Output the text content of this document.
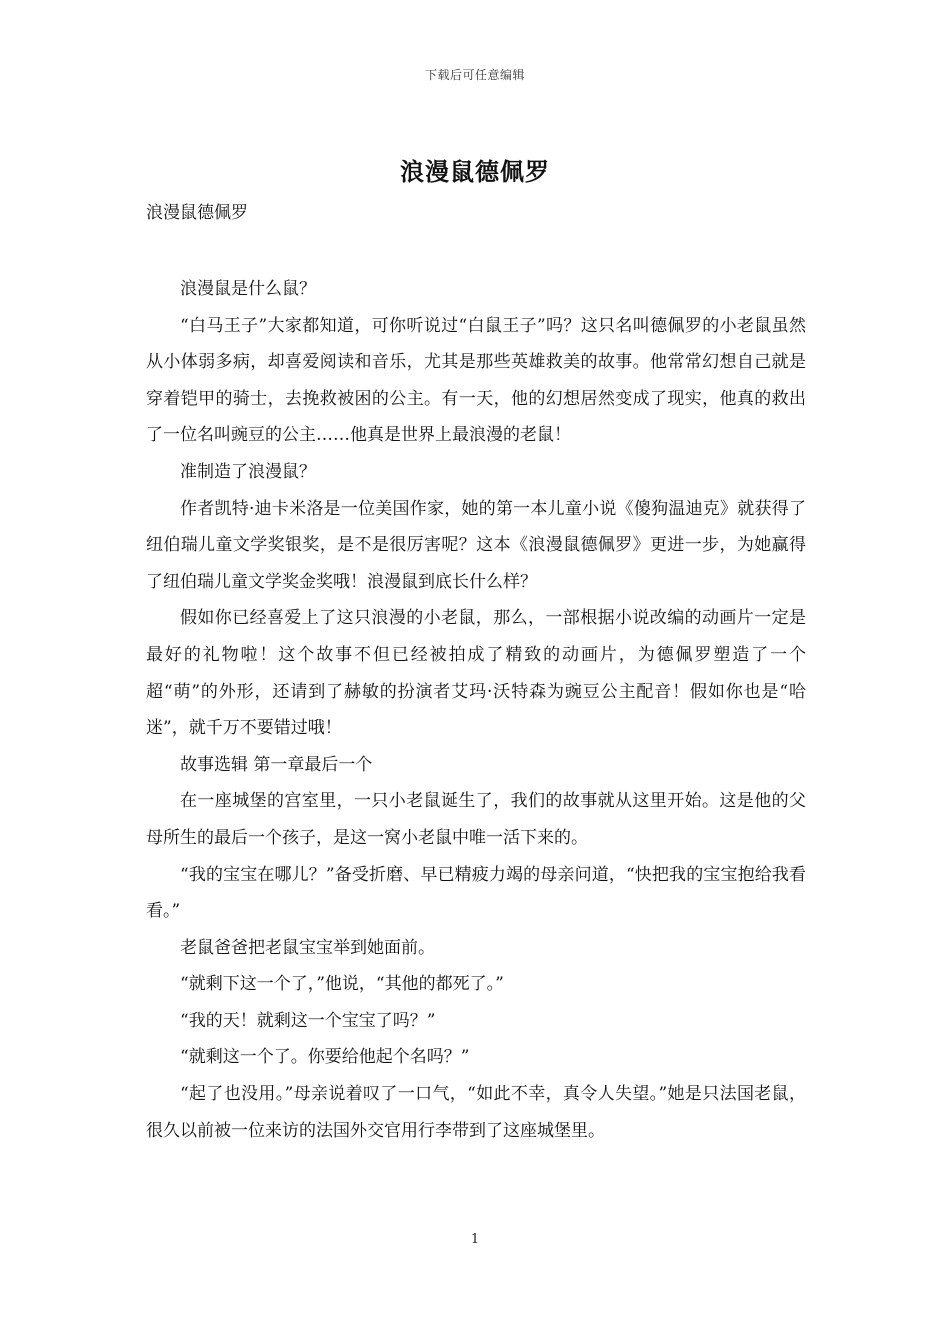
下载后可任意编辑
浪漫鼠德佩罗

浪漫鼠德佩罗

浪漫鼠是什么鼠？

“白马王子”大家都知道，可你听说过“白鼠王子”吗？这只名叫德佩罗的小老鼠虽然从小体弱多病，却喜爱阅读和音乐，尤其是那些英雄救美的故事。他常常幻想自己就是穿着铠甲的骑士，去挽救被困的公主。有一天，他的幻想居然变成了现实，他真的救出了一位名叫豌豆的公主……他真是世界上最浪漫的老鼠！

准制造了浪漫鼠？

作者凯特·迪卡米洛是一位美国作家，她的第一本儿童小说《傻狗温迪克》就获得了纽伯瑞儿童文学奖银奖，是不是很厉害呢？这本《浪漫鼠德佩罗》更进一步，为她赢得了纽伯瑞儿童文学奖金奖哦！浪漫鼠到底长什么样？

假如你已经喜爱上了这只浪漫的小老鼠，那么，一部根据小说改编的动画片一定是最好的礼物啦！这个故事不但已经被拍成了精致的动画片，为德佩罗塑造了一个超“萌”的外形，还请到了赫敏的扮演者艾玛·沃特森为豌豆公主配音！假如你也是“哈迷”，就千万不要错过哦！

故事选辑 第一章最后一个

在一座城堡的宫室里，一只小老鼠诞生了，我们的故事就从这里开始。这是他的父母所生的最后一个孩子，是这一窝小老鼠中唯一活下来的。

“我的宝宝在哪儿？”备受折磨、早已精疲力竭的母亲问道，“快把我的宝宝抱给我看看。”

老鼠爸爸把老鼠宝宝举到她面前。

“就剩下这一个了，”他说，“其他的都死了。”

“我的天！就剩这一个宝宝了吗？”

“就剩这一个了。你要给他起个名吗？”

“起了也没用。”母亲说着叹了一口气，“如此不幸，真令人失望。”她是只法国老鼠，很久以前被一位来访的法国外交官用行李带到了这座城堡里。

1
